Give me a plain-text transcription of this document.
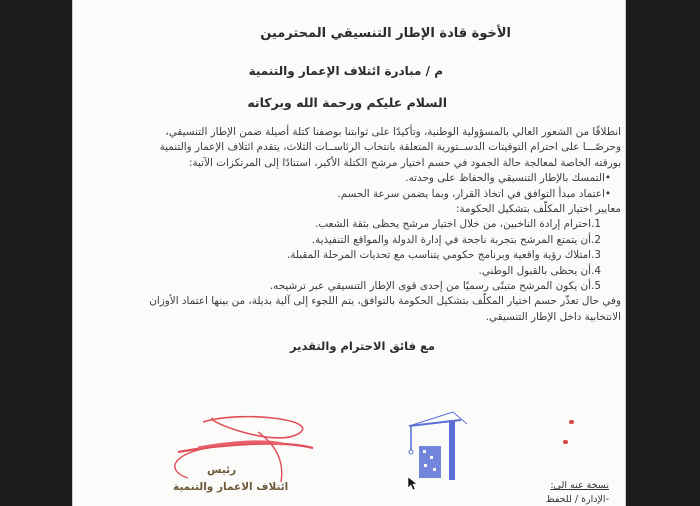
الأخوة قادة الإطار التنسيقي المحترمين
م / مبادرة ائتلاف الإعمار والتنمية
السلام عليكم ورحمة الله وبركاته
انطلاقًا من الشعور العالي بالمسؤولية الوطنية، وتأكيدًا على ثوابتنا بوصفنا كتلة أصيلة ضمن الإطار التنسيقي،
وحرصًـــا على احترام التوقيتات الدســتورية المتعلقة بانتخاب الرئاســات الثلاث، يتقدم ائتلاف الإعمار والتنمية
بورقته الخاصة لمعالجة حالة الجمود في حسم اختيار مرشح الكتلة الأكبر، استنادًا إلى المرتكزات الآتية:
•التمسك بالإطار التنسيقي والحفاظ على وحدته.
•اعتماد مبدأ التوافق في اتخاذ القرار، وبما يضمن سرعة الحسم.
معايير اختيار المكلّف بتشكيل الحكومة:
1.احترام إرادة الناخبين، من خلال اختيار مرشح يحظى بثقة الشعب.
2.أن يتمتع المرشح بتجربة ناجحة في إدارة الدولة والمواقع التنفيذية.
3.امتلاك رؤية واقعية وبرنامج حكومي يتناسب مع تحديات المرحلة المقبلة.
4.أن يحظى بالقبول الوطني.
5.أن يكون المرشح متبنًى رسميًا من إحدى قوى الإطار التنسيقي عبر ترشيحه.
وفي حال تعذّر حسم اختيار المكلّف بتشكيل الحكومة بالتوافق، يتم اللجوء إلى آلية بديلة، من بينها اعتماد الأوزان
الانتخابية داخل الإطار التنسيقي.
مع فائق الاحترام والتقدير
رئيس
ائتلاف الاعمار والتنمية	نسخة عنه الى:
-الإدارة / للحفظ
